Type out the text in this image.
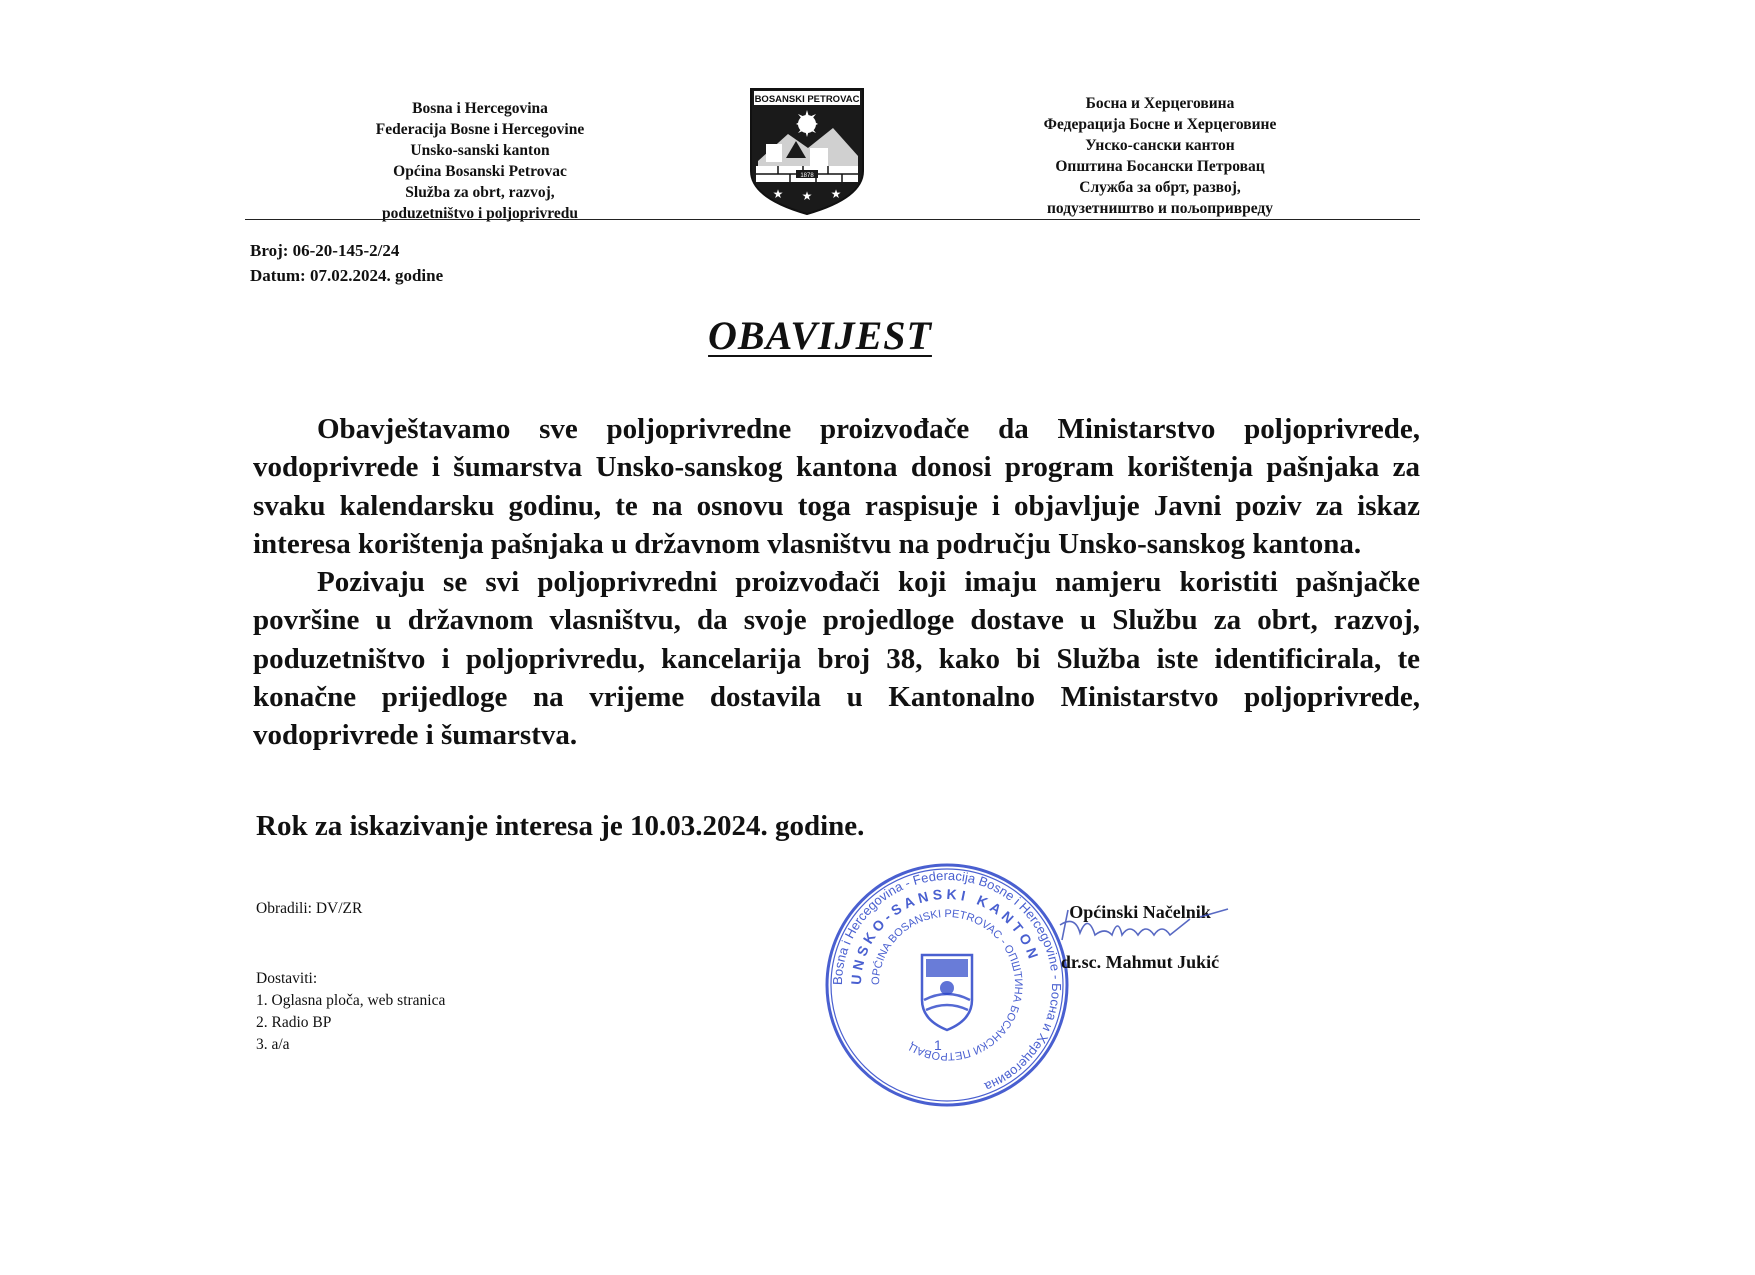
Bosna i Hercegovina
Federacija Bosne i Hercegovine
Unsko-sanski kanton
Općina Bosanski Petrovac
Služba za obrt, razvoj,
poduzetništvo i poljoprivredu
BOSANSKI PETROVAC
1878
★ ★ ★
Босна и Херцеговина
Федерација Босне и Херцеговине
Унско-сански кантон
Општина Босански Петровац
Служба за обрт, развој,
подузетништво и пољопривреду
Broj: 06-20-145-2/24
Datum: 07.02.2024. godine
OBAVIJEST

Obavještavamo sve poljoprivredne proizvođače da Ministarstvo poljoprivrede, vodoprivrede i šumarstva Unsko-sanskog kantona donosi program korištenja pašnjaka za svaku kalendarsku godinu, te na osnovu toga raspisuje i objavljuje Javni poziv za iskaz interesa korištenja pašnjaka u državnom vlasništvu na području Unsko-sanskog kantona.

Pozivaju se svi poljoprivredni proizvođači koji imaju namjeru koristiti pašnjačke površine u državnom vlasništvu, da svoje projedloge dostave u Službu za obrt, razvoj, poduzetništvo i poljoprivredu, kancelarija broj 38, kako bi Služba iste identificirala, te konačne prijedloge na vrijeme dostavila u Kantonalno Ministarstvo poljoprivrede, vodoprivrede i šumarstva.

Rok za iskazivanje interesa je 10.03.2024. godine.
Obradili: DV/ZR
Dostaviti:
1. Oglasna ploča, web stranica
2. Radio BP
3. a/a
Bosna i Hercegovina - Federacija Bosne i Hercegovine - Босна и Херцеговина
UNSKO-SANSKI KANTON
OPĆINA BOSANSKI PETROVAC - ОПШТИНА БОСАНСКИ ПЕТРОВАЦ 1
Općinski Načelnik
dr.sc. Mahmut Jukić
